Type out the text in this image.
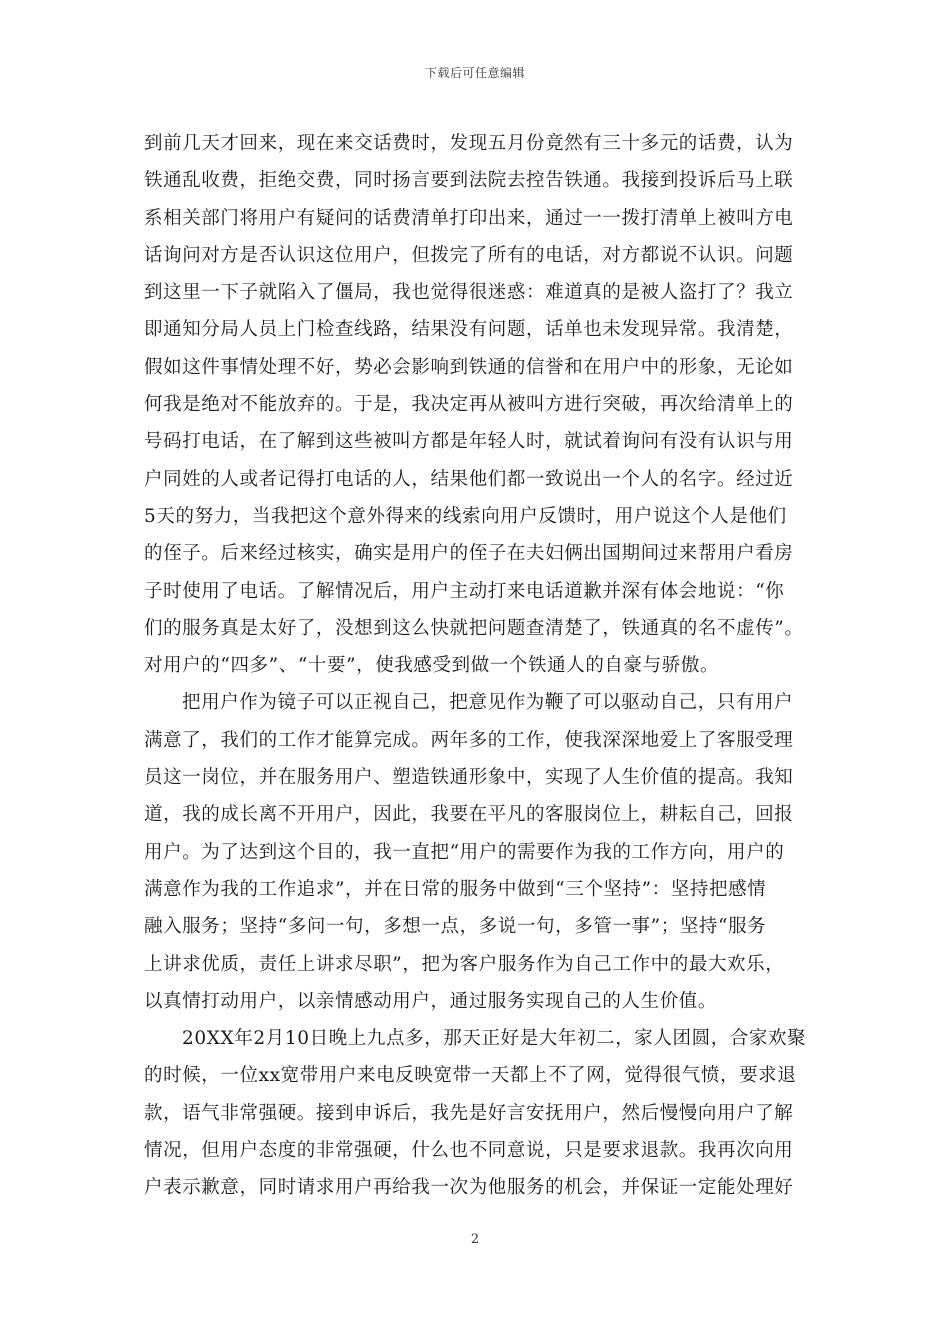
下载后可任意编辑
到前几天才回来，现在来交话费时，发现五月份竟然有三十多元的话费，认为
铁通乱收费，拒绝交费，同时扬言要到法院去控告铁通。我接到投诉后马上联
系相关部门将用户有疑问的话费清单打印出来，通过一一拨打清单上被叫方电
话询问对方是否认识这位用户，但拨完了所有的电话，对方都说不认识。问题
到这里一下子就陷入了僵局，我也觉得很迷惑：难道真的是被人盗打了？我立
即通知分局人员上门检查线路，结果没有问题，话单也未发现异常。我清楚，
假如这件事情处理不好，势必会影响到铁通的信誉和在用户中的形象，无论如
何我是绝对不能放弃的。于是，我决定再从被叫方进行突破，再次给清单上的
号码打电话，在了解到这些被叫方都是年轻人时，就试着询问有没有认识与用
户同姓的人或者记得打电话的人，结果他们都一致说出一个人的名字。经过近
5天的努力，当我把这个意外得来的线索向用户反馈时，用户说这个人是他们
的侄子。后来经过核实，确实是用户的侄子在夫妇俩出国期间过来帮用户看房
子时使用了电话。了解情况后，用户主动打来电话道歉并深有体会地说：“你
们的服务真是太好了，没想到这么快就把问题查清楚了，铁通真的名不虚传”。
对用户的“四多”、“十要”，使我感受到做一个铁通人的自豪与骄傲。
把用户作为镜子可以正视自己，把意见作为鞭了可以驱动自己，只有用户
满意了，我们的工作才能算完成。两年多的工作，使我深深地爱上了客服受理
员这一岗位，并在服务用户、塑造铁通形象中，实现了人生价值的提高。我知
道，我的成长离不开用户，因此，我要在平凡的客服岗位上，耕耘自己，回报
用户。为了达到这个目的，我一直把“用户的需要作为我的工作方向，用户的
满意作为我的工作追求”，并在日常的服务中做到“三个坚持”：坚持把感情
融入服务；坚持“多问一句，多想一点，多说一句，多管一事”；坚持“服务
上讲求优质，责任上讲求尽职”，把为客户服务作为自己工作中的最大欢乐，
以真情打动用户，以亲情感动用户，通过服务实现自己的人生价值。
20XX年2月10日晚上九点多，那天正好是大年初二，家人团圆，合家欢聚
的时候，一位xx宽带用户来电反映宽带一天都上不了网，觉得很气愤，要求退
款，语气非常强硬。接到申诉后，我先是好言安抚用户，然后慢慢向用户了解
情况，但用户态度的非常强硬，什么也不同意说，只是要求退款。我再次向用
户表示歉意，同时请求用户再给我一次为他服务的机会，并保证一定能处理好
2
